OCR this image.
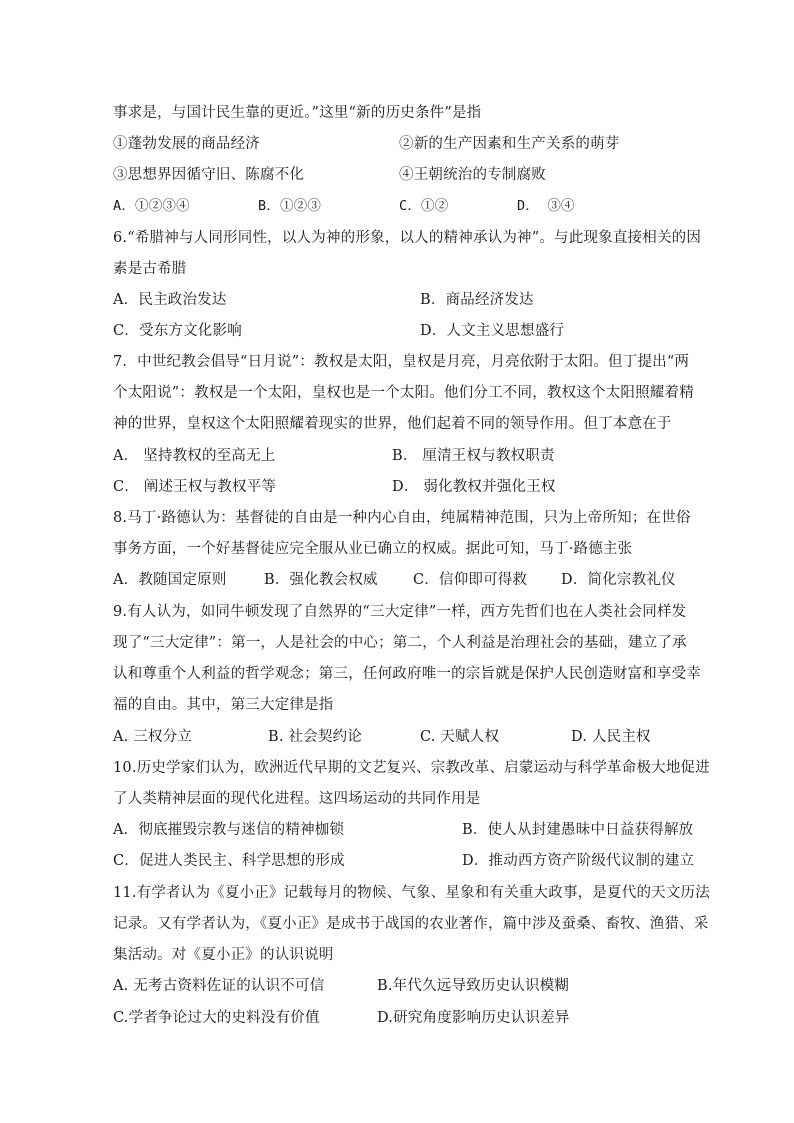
事求是，与国计民生靠的更近。”这里“新的历史条件”是指
①蓬勃发展的商品经济	②新的生产因素和生产关系的萌芽
③思想界因循守旧、陈腐不化	④王朝统治的专制腐败
A．①②③④	B．①②③	C．①②	D． ③④
6.“希腊神与人同形同性，以人为神的形象，以人的精神承认为神”。与此现象直接相关的因
素是古希腊
A．民主政治发达	B．商品经济发达
C．受东方文化影响	D．人文主义思想盛行
7．中世纪教会倡导“日月说”：教权是太阳，皇权是月亮，月亮依附于太阳。但丁提出“两
个太阳说”：教权是一个太阳，皇权也是一个太阳。他们分工不同，教权这个太阳照耀着精
神的世界，皇权这个太阳照耀着现实的世界，他们起着不同的领导作用。但丁本意在于
A． 坚持教权的至高无上	B． 厘清王权与教权职责
C． 阐述王权与教权平等	D． 弱化教权并强化王权
8.马丁·路德认为：基督徒的自由是一种内心自由，纯属精神范围，只为上帝所知；在世俗
事务方面，一个好基督徒应完全服从业已确立的权威。据此可知，马丁·路德主张
A．教随国定原则	B．强化教会权威 C．信仰即可得救 D．简化宗教礼仪
9.有人认为，如同牛顿发现了自然界的“三大定律”一样，西方先哲们也在人类社会同样发
现了“三大定律”：第一，人是社会的中心；第二，个人利益是治理社会的基础，建立了承
认和尊重个人利益的哲学观念；第三，任何政府唯一的宗旨就是保护人民创造财富和享受幸
福的自由。其中，第三大定律是指
A. 三权分立	B. 社会契约论	C. 天赋人权	D. 人民主权
10.历史学家们认为，欧洲近代早期的文艺复兴、宗教改革、启蒙运动与科学革命极大地促进
了人类精神层面的现代化进程。这四场运动的共同作用是
A．彻底摧毁宗教与迷信的精神枷锁	B．使人从封建愚昧中日益获得解放
C．促进人类民主、科学思想的形成	D．推动西方资产阶级代议制的建立
11.有学者认为《夏小正》记载每月的物候、气象、星象和有关重大政事，是夏代的天文历法
记录。又有学者认为，《夏小正》是成书于战国的农业著作，篇中涉及蚕桑、畜牧、渔猎、采
集活动。对《夏小正》的认识说明
A. 无考古资料佐证的认识不可信	B.年代久远导致历史认识模糊
C.学者争论过大的史料没有价值	D.研究角度影响历史认识差异
